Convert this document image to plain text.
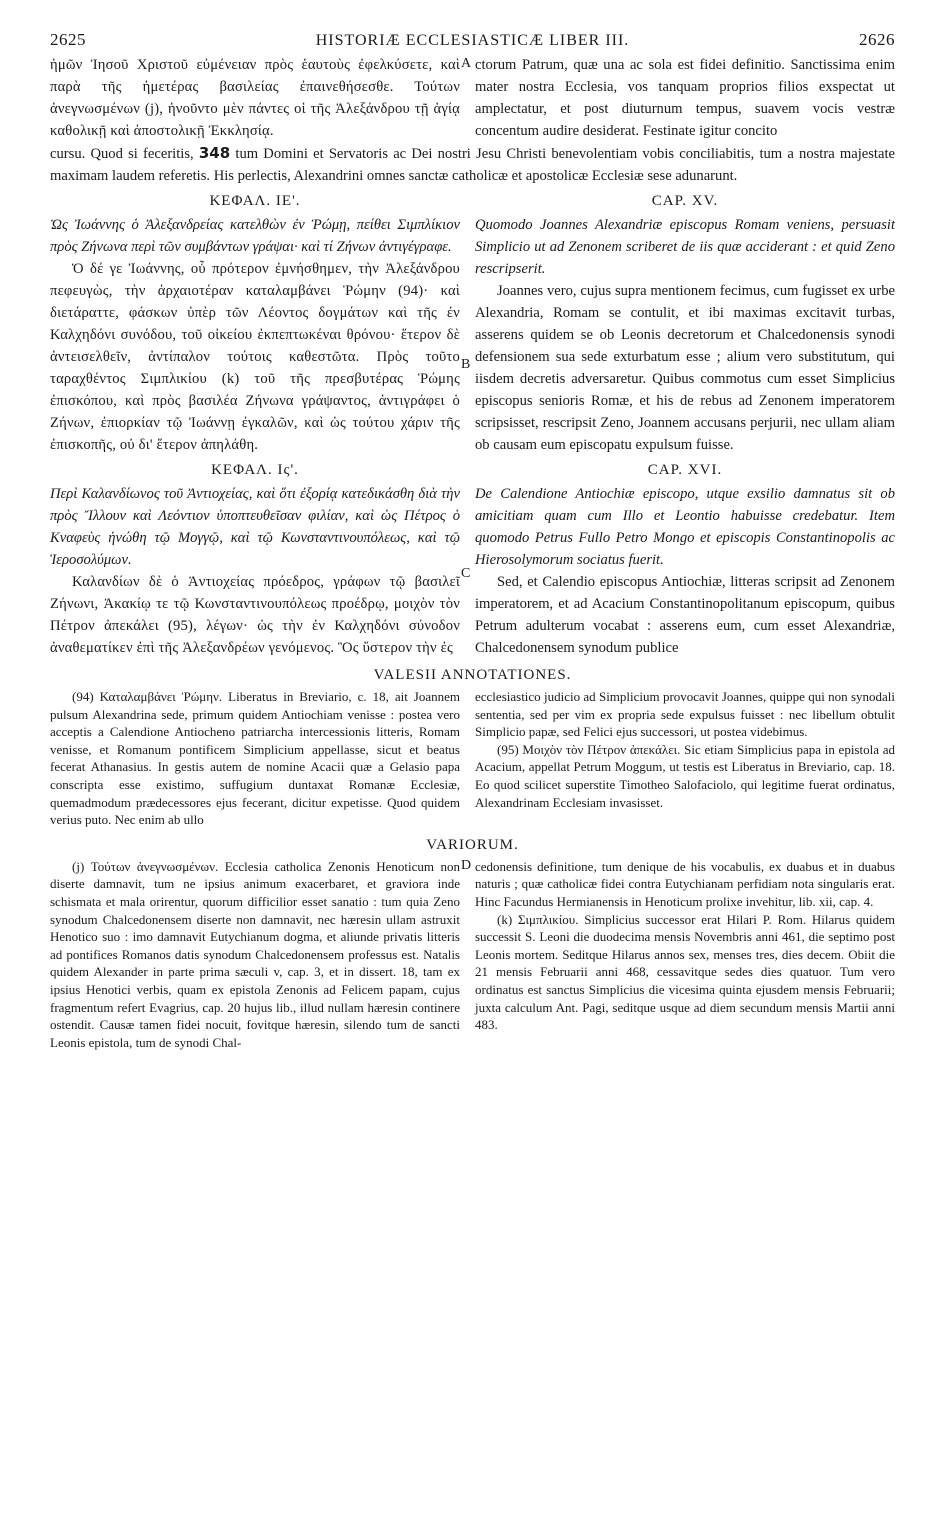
2625	HISTORIÆ ECCLESIASTICÆ LIBER III.	2626

ἡμῶν Ἰησοῦ Χριστοῦ εὐμένειαν πρὸς ἑαυτοὺς ἐφελκύσετε, καὶ παρὰ τῆς ἡμετέρας βασιλείας ἐπαινεθήσεσθε. Τούτων ἀνεγνωσμένων (j), ἡνοῦντο μὲν πάντες οἱ τῆς Ἀλεξάνδρου τῇ ἁγίᾳ καθολικῇ καὶ ἀποστολικῇ Ἐκκλησίᾳ.

A ctorum Patrum, quæ una ac sola est fidei definitio. Sanctissima enim mater nostra Ecclesia, vos tanquam proprios filios exspectat ut amplectatur, et post diuturnum tempus, suavem vocis vestræ concentum audire desiderat. Festinate igitur concito

cursu. Quod si feceritis, 348 tum Domini et Servatoris ac Dei nostri Jesu Christi benevolentiam vobis conciliabitis, tum a nostra majestate maximam laudem referetis. His perlectis, Alexandrini omnes sanctæ catholicæ et apostolicæ Ecclesiæ sese adunarunt.

ΚΕΦΑΛ. ΙΕ'.

Ὡς Ἰωάννης ὁ Ἀλεξανδρείας κατελθὼν ἐν Ῥώμῃ, πείθει Σιμπλίκιον πρὸς Ζήνωνα περὶ τῶν συμβάντων γράψαι· καὶ τί Ζήνων ἀντιγέγραφε.

Ὁ δέ γε Ἰωάννης, οὗ πρότερον ἐμνήσθημεν, τὴν Ἀλεξάνδρου πεφευγὼς, τὴν ἀρχαιοτέραν καταλαμβάνει Ῥώμην (94)· καὶ διετάραττε, φάσκων ὑπὲρ τῶν Λέοντος δογμάτων καὶ τῆς ἐν Καλχηδόνι συνόδου, τοῦ οἰκείου ἐκπεπτωκέναι θρόνου· ἕτερον δὲ ἀντεισελθεῖν, ἀντίπαλον τούτοις καθεστῶτα. Πρὸς τοῦτο ταραχθέντος Σιμπλικίου (k) τοῦ τῆς πρεσβυτέρας Ῥώμης ἐπισκόπου, καὶ πρὸς βασιλέα Ζήνωνα γράψαντος, ἀντιγράφει ὁ Ζήνων, ἐπιορκίαν τῷ Ἰωάννῃ ἐγκαλῶν, καὶ ὡς τούτου χάριν τῆς ἐπισκοπῆς, οὐ δι' ἕτερον ἀπηλάθη.

CAP. XV.

Quomodo Joannes Alexandriæ episcopus Romam veniens, persuasit Simplicio ut ad Zenonem scriberet de iis quæ acciderant : et quid Zeno rescripserit.

B

Joannes vero, cujus supra mentionem fecimus, cum fugisset ex urbe Alexandria, Romam se contulit, et ibi maximas excitavit turbas, asserens quidem se ob Leonis decretorum et Chalcedonensis synodi defensionem sua sede exturbatum esse ; alium vero substitutum, qui iisdem decretis adversaretur. Quibus commotus cum esset Simplicius episcopus senioris Romæ, et his de rebus ad Zenonem imperatorem scripsisset, rescripsit Zeno, Joannem accusans perjurii, nec ullam aliam ob causam eum episcopatu expulsum fuisse.

ΚΕΦΑΛ. Ις'.

Περὶ Καλανδίωνος τοῦ Ἀντιοχείας, καὶ ὅτι ἐξορίᾳ κατεδικάσθη διὰ τὴν πρὸς Ἴλλουν καὶ Λεόντιον ὑποπτευθεῖσαν φιλίαν, καὶ ὡς Πέτρος ὁ Κναφεὺς ἡνώθη τῷ Μογγῷ, καὶ τῷ Κωνσταντινουπόλεως, καὶ τῷ Ἱεροσολύμων.

Καλανδίων δὲ ὁ Ἀντιοχείας πρόεδρος, γράφων τῷ βασιλεῖ Ζήνωνι, Ἀκακίῳ τε τῷ Κωνσταντινουπόλεως προέδρῳ, μοιχὸν τὸν Πέτρον ἀπεκάλει (95), λέγων· ὡς τὴν ἐν Καλχηδόνι σύνοδον ἀναθεματίκεν ἐπὶ τῆς Ἀλεξανδρέων γενόμενος. Ὃς ὕστερον τὴν ἐς

CAP. XVI.

De Calendione Antiochiæ episcopo, utque exsilio damnatus sit ob amicitiam quam cum Illo et Leontio habuisse credebatur. Item quomodo Petrus Fullo Petro Mongo et episcopis Constantinopolis ac Hierosolymorum sociatus fuerit.

C

Sed, et Calendio episcopus Antiochiæ, litteras scripsit ad Zenonem imperatorem, et ad Acacium Constantinopolitanum episcopum, quibus Petrum adulterum vocabat : asserens eum, cum esset Alexandriæ, Chalcedonensem synodum publice

VALESII ANNOTATIONES.

(94) Καταλαμβάνει Ῥώμην. Liberatus in Breviario, c. 18, ait Joannem pulsum Alexandrina sede, primum quidem Antiochiam venisse : postea vero acceptis a Calendione Antiocheno patriarcha intercessionis litteris, Romam venisse, et Romanum pontificem Simplicium appellasse, sicut et beatus fecerat Athanasius. In gestis autem de nomine Acacii quæ a Gelasio papa conscripta esse existimo, suffugium duntaxat Romanæ Ecclesiæ, quemadmodum prædecessores ejus fecerant, dicitur expetisse. Quod quidem verius puto. Nec enim ab ullo

ecclesiastico judicio ad Simplicium provocavit Joannes, quippe qui non synodali sententia, sed per vim ex propria sede expulsus fuisset : nec libellum obtulit Simplicio papæ, sed Felici ejus successori, ut postea videbimus.

(95) Μοιχὸν τὸν Πέτρον ἀπεκάλει. Sic etiam Simplicius papa in epistola ad Acacium, appellat Petrum Moggum, ut testis est Liberatus in Breviario, cap. 18. Eo quod scilicet superstite Timotheo Salofaciolo, qui legitime fuerat ordinatus, Alexandrinam Ecclesiam invasisset.

VARIORUM.

(j) Τούτων ἀνεγνωσμένων. Ecclesia catholica Zenonis Henoticum non diserte damnavit, tum ne ipsius animum exacerbaret, et graviora inde schismata et mala orirentur, quorum difficilior esset sanatio : tum quia Zeno synodum Chalcedonensem diserte non damnavit, nec hæresin ullam astruxit Henotico suo : imo damnavit Eutychianum dogma, et aliunde privatis litteris ad pontifices Romanos datis synodum Chalcedonensem professus est. Natalis quidem Alexander in parte prima sæculi v, cap. 3, et in dissert. 18, tam ex ipsius Henotici verbis, quam ex epistola Zenonis ad Felicem papam, cujus fragmentum refert Evagrius, cap. 20 hujus lib., illud nullam hæresin continere ostendit. Causæ tamen fidei nocuit, fovitque hæresin, silendo tum de sancti Leonis epistola, tum de synodi Chal-

D cedonensis definitione, tum denique de his vocabulis, ex duabus et in duabus naturis ; quæ catholicæ fidei contra Eutychianam perfidiam nota singularis erat. Hinc Facundus Hermianensis in Henoticum prolixe invehitur, lib. xii, cap. 4.

(k) Σιμπλικίου. Simplicius successor erat Hilari P. Rom. Hilarus quidem successit S. Leoni die duodecima mensis Novembris anni 461, die septimo post Leonis mortem. Seditque Hilarus annos sex, menses tres, dies decem. Obiit die 21 mensis Februarii anni 468, cessavitque sedes dies quatuor. Tum vero ordinatus est sanctus Simplicius die vicesima quinta ejusdem mensis Februarii; juxta calculum Ant. Pagi, seditque usque ad diem secundum mensis Martii anni 483.
